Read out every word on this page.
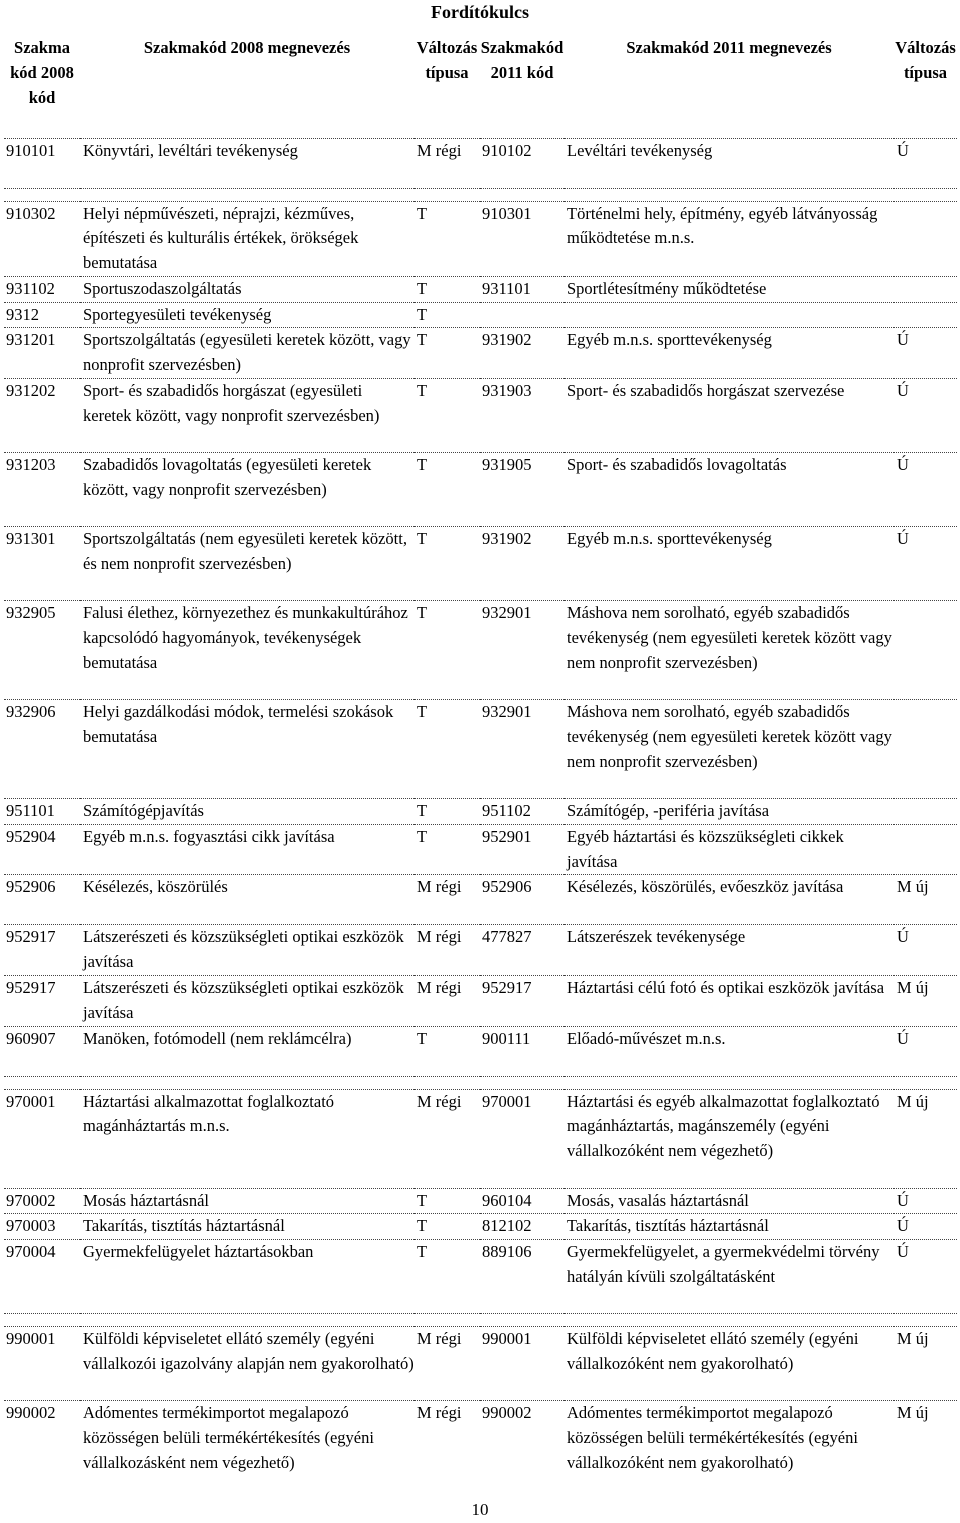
Fordítókulcs
Szakma kód 2008 kód	Szakmakód 2008 megnevezés	Változás típusa	Szakmakód 2011 kód	Szakmakód 2011 megnevezés	Változás típusa
910101	Könyvtári, levéltári tevékenység	M régi	910102	Levéltári tevékenység	Ú

910302	Helyi népművészeti, néprajzi, kézműves, építészeti és kulturális értékek, örökségek bemutatása	T	910301	Történelmi hely, építmény, egyéb látványosság működtetése m.n.s.	
931102	Sportuszodaszolgáltatás	T	931101	Sportlétesítmény működtetése	
9312	Sportegyesületi tevékenység	T			
931201	Sportszolgáltatás (egyesületi keretek között, vagy nonprofit szervezésben)	T	931902	Egyéb m.n.s. sporttevékenység	Ú
931202	Sport- és szabadidős horgászat (egyesületi keretek között, vagy nonprofit szervezésben)	T	931903	Sport- és szabadidős horgászat szervezése	Ú
931203	Szabadidős lovagoltatás (egyesületi keretek között, vagy nonprofit szervezésben)	T	931905	Sport- és szabadidős lovagoltatás	Ú
931301	Sportszolgáltatás (nem egyesületi keretek között, és nem nonprofit szervezésben)	T	931902	Egyéb m.n.s. sporttevékenység	Ú
932905	Falusi élethez, környezethez és munkakultúrához kapcsolódó hagyományok, tevékenységek bemutatása	T	932901	Máshova nem sorolható, egyéb szabadidős tevékenység (nem egyesületi keretek között vagy nem nonprofit szervezésben)	
932906	Helyi gazdálkodási módok, termelési szokások bemutatása	T	932901	Máshova nem sorolható, egyéb szabadidős tevékenység (nem egyesületi keretek között vagy nem nonprofit szervezésben)	
951101	Számítógépjavítás	T	951102	Számítógép, -periféria javítása	
952904	Egyéb m.n.s. fogyasztási cikk javítása	T	952901	Egyéb háztartási és közszükségleti cikkek javítása	
952906	Késélezés, köszörülés	M régi	952906	Késélezés, köszörülés, evőeszköz javítása	M új
952917	Látszerészeti és közszükségleti optikai eszközök javítása	M régi	477827	Látszerészek tevékenysége	Ú
952917	Látszerészeti és közszükségleti optikai eszközök javítása	M régi	952917	Háztartási célú fotó és optikai eszközök javítása	M új
960907	Manöken, fotómodell (nem reklámcélra)	T	900111	Előadó-művészet m.n.s.	Ú

970001	Háztartási alkalmazottat foglalkoztató magánháztartás m.n.s.	M régi	970001	Háztartási és egyéb alkalmazottat foglalkoztató magánháztartás, magánszemély (egyéni vállalkozóként nem végezhető)	M új
970002	Mosás háztartásnál	T	960104	Mosás, vasalás háztartásnál	Ú
970003	Takarítás, tisztítás háztartásnál	T	812102	Takarítás, tisztítás háztartásnál	Ú
970004	Gyermekfelügyelet háztartásokban	T	889106	Gyermekfelügyelet, a gyermekvédelmi törvény hatályán kívüli szolgáltatásként	Ú

990001	Külföldi képviseletet ellátó személy (egyéni vállalkozói igazolvány alapján nem gyakorolható)	M régi	990001	Külföldi képviseletet ellátó személy (egyéni vállalkozóként nem gyakorolható)	M új
990002	Adómentes termékimportot megalapozó közösségen belüli termékértékesítés (egyéni vállalkozásként nem végezhető)	M régi	990002	Adómentes termékimportot megalapozó közösségen belüli termékértékesítés (egyéni vállalkozóként nem gyakorolható)	M új
10
